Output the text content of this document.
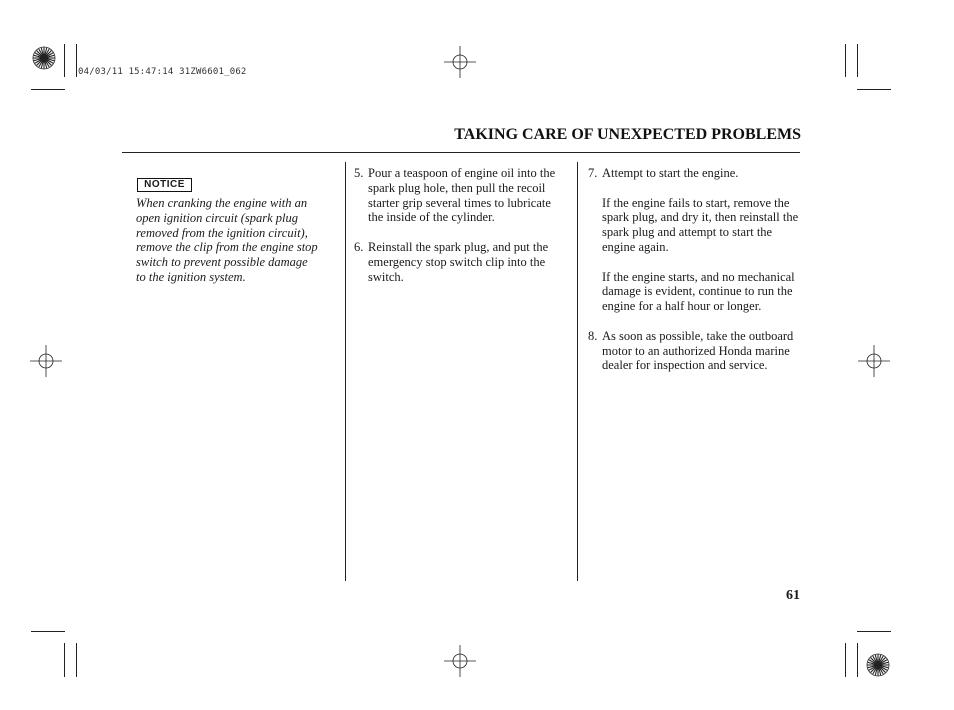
04/03/11 15:47:14 31ZW6601_062
TAKING CARE OF UNEXPECTED PROBLEMS
NOTICE
When cranking the engine with an open ignition circuit (spark plug removed from the ignition circuit), remove the clip from the engine stop switch to prevent possible damage to the ignition system.
5. Pour a teaspoon of engine oil into the spark plug hole, then pull the recoil starter grip several times to lubricate the inside of the cylinder.
6. Reinstall the spark plug, and put the emergency stop switch clip into the switch.
7. Attempt to start the engine.
If the engine fails to start, remove the spark plug, and dry it, then reinstall the spark plug and attempt to start the engine again.
If the engine starts, and no mechanical damage is evident, continue to run the engine for a half hour or longer.
8. As soon as possible, take the outboard motor to an authorized Honda marine dealer for inspection and service.
61
